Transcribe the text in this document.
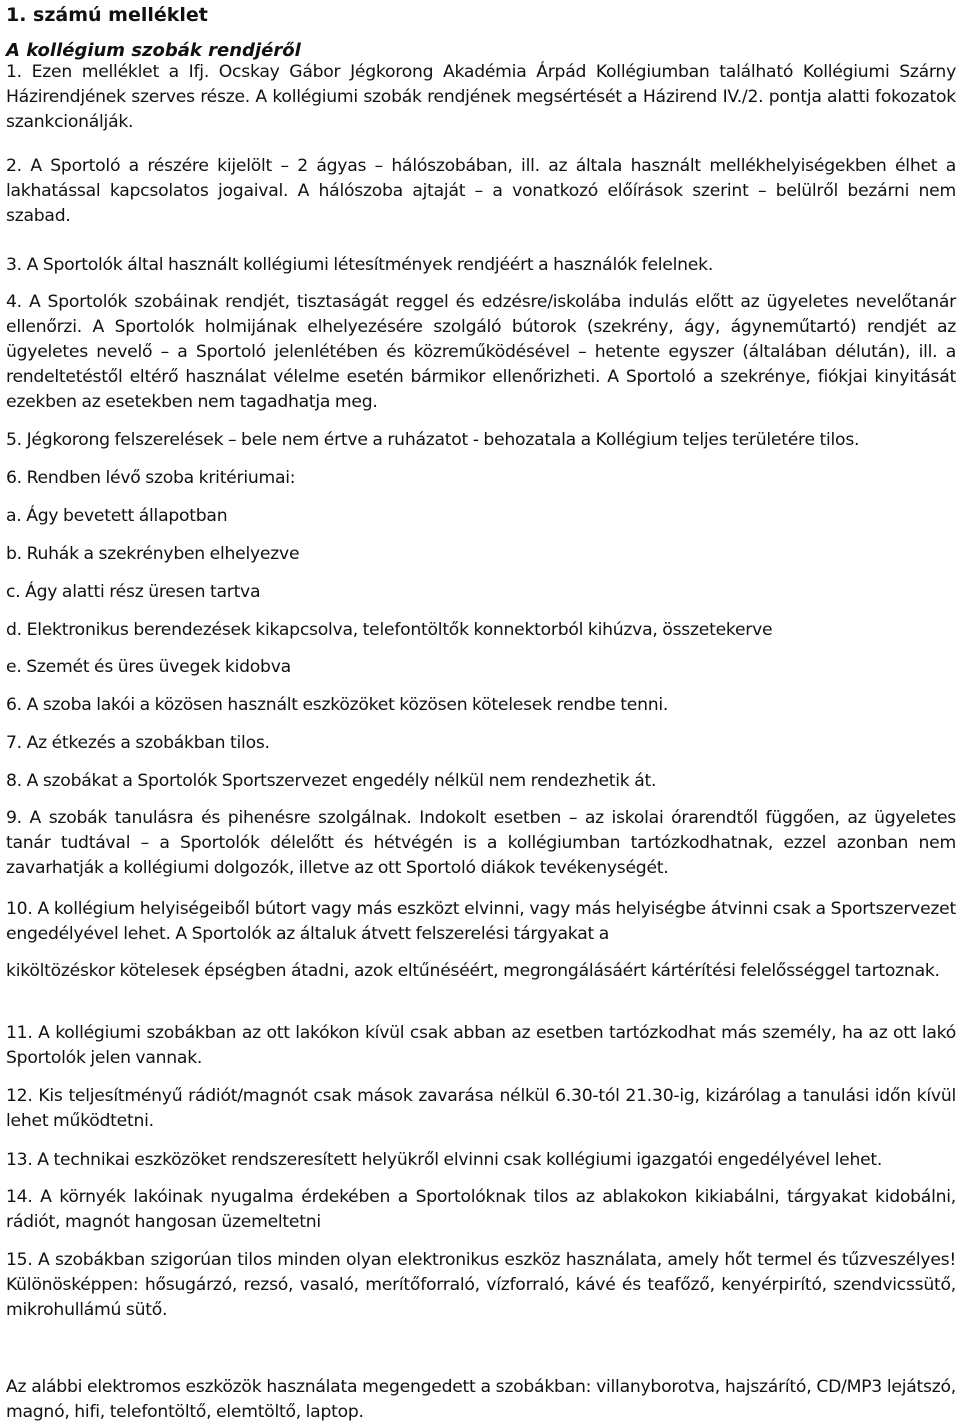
1. számú melléklet
A kollégium szobák rendjéről
1. Ezen melléklet a Ifj. Ocskay Gábor Jégkorong Akadémia Árpád Kollégiumban található Kollégiumi Szárny Házirendjének szerves része. A kollégiumi szobák rendjének megsértését a Házirend IV./2. pontja alatti fokozatok szankcionálják.
2. A Sportoló a részére kijelölt – 2 ágyas – hálószobában, ill. az általa használt mellékhelyiségekben élhet a lakhatással kapcsolatos jogaival. A hálószoba ajtaját – a vonatkozó előírások szerint – belülről bezárni nem szabad.
3. A Sportolók által használt kollégiumi létesítmények rendjéért a használók felelnek.
4. A Sportolók szobáinak rendjét, tisztaságát reggel és edzésre/iskolába indulás előtt az ügyeletes nevelőtanár ellenőrzi. A Sportolók holmijának elhelyezésére szolgáló bútorok (szekrény, ágy, ágyneműtartó) rendjét az ügyeletes nevelő – a Sportoló jelenlétében és közreműködésével – hetente egyszer (általában délután), ill. a rendeltetéstől eltérő használat vélelme esetén bármikor ellenőrizheti. A Sportoló a szekrénye, fiókjai kinyitását ezekben az esetekben nem tagadhatja meg.
5. Jégkorong felszerelések – bele nem értve a ruházatot - behozatala a Kollégium teljes területére tilos.
6. Rendben lévő szoba kritériumai:
a. Ágy bevetett állapotban
b. Ruhák a szekrényben elhelyezve
c. Ágy alatti rész üresen tartva
d. Elektronikus berendezések kikapcsolva, telefontöltők konnektorból kihúzva, összetekerve
e. Szemét és üres üvegek kidobva
6. A szoba lakói a közösen használt eszközöket közösen kötelesek rendbe tenni.
7. Az étkezés a szobákban tilos.
8. A szobákat a Sportolók Sportszervezet engedély nélkül nem rendezhetik át.
9. A szobák tanulásra és pihenésre szolgálnak. Indokolt esetben – az iskolai órarendtől függően, az ügyeletes tanár tudtával – a Sportolók délelőtt és hétvégén is a kollégiumban tartózkodhatnak, ezzel azonban nem zavarhatják a kollégiumi dolgozók, illetve az ott Sportoló diákok tevékenységét.
10. A kollégium helyiségeiből bútort vagy más eszközt elvinni, vagy más helyiségbe átvinni csak a Sportszervezet engedélyével lehet. A Sportolók az általuk átvett felszerelési tárgyakat a
kiköltözéskor kötelesek épségben átadni, azok eltűnéséért, megrongálásáért kártérítési felelősséggel tartoznak.
11. A kollégiumi szobákban az ott lakókon kívül csak abban az esetben tartózkodhat más személy, ha az ott lakó Sportolók jelen vannak.
12. Kis teljesítményű rádiót/magnót csak mások zavarása nélkül 6.30-tól 21.30-ig, kizárólag a tanulási időn kívül lehet működtetni.
13. A technikai eszközöket rendszeresített helyükről elvinni csak kollégiumi igazgatói engedélyével lehet.
14. A környék lakóinak nyugalma érdekében a Sportolóknak tilos az ablakokon kikiabálni, tárgyakat kidobálni, rádiót, magnót hangosan üzemeltetni
15. A szobákban szigorúan tilos minden olyan elektronikus eszköz használata, amely hőt termel és tűzveszélyes! Különösképpen: hősugárzó, rezsó, vasaló, merítőforraló, vízforraló, kávé és teafőző, kenyérpirító, szendvicssütő, mikrohullámú sütő.
Az alábbi elektromos eszközök használata megengedett a szobákban: villanyborotva, hajszárító, CD/MP3 lejátszó, magnó, hifi, telefontöltő, elemtöltő, laptop.
